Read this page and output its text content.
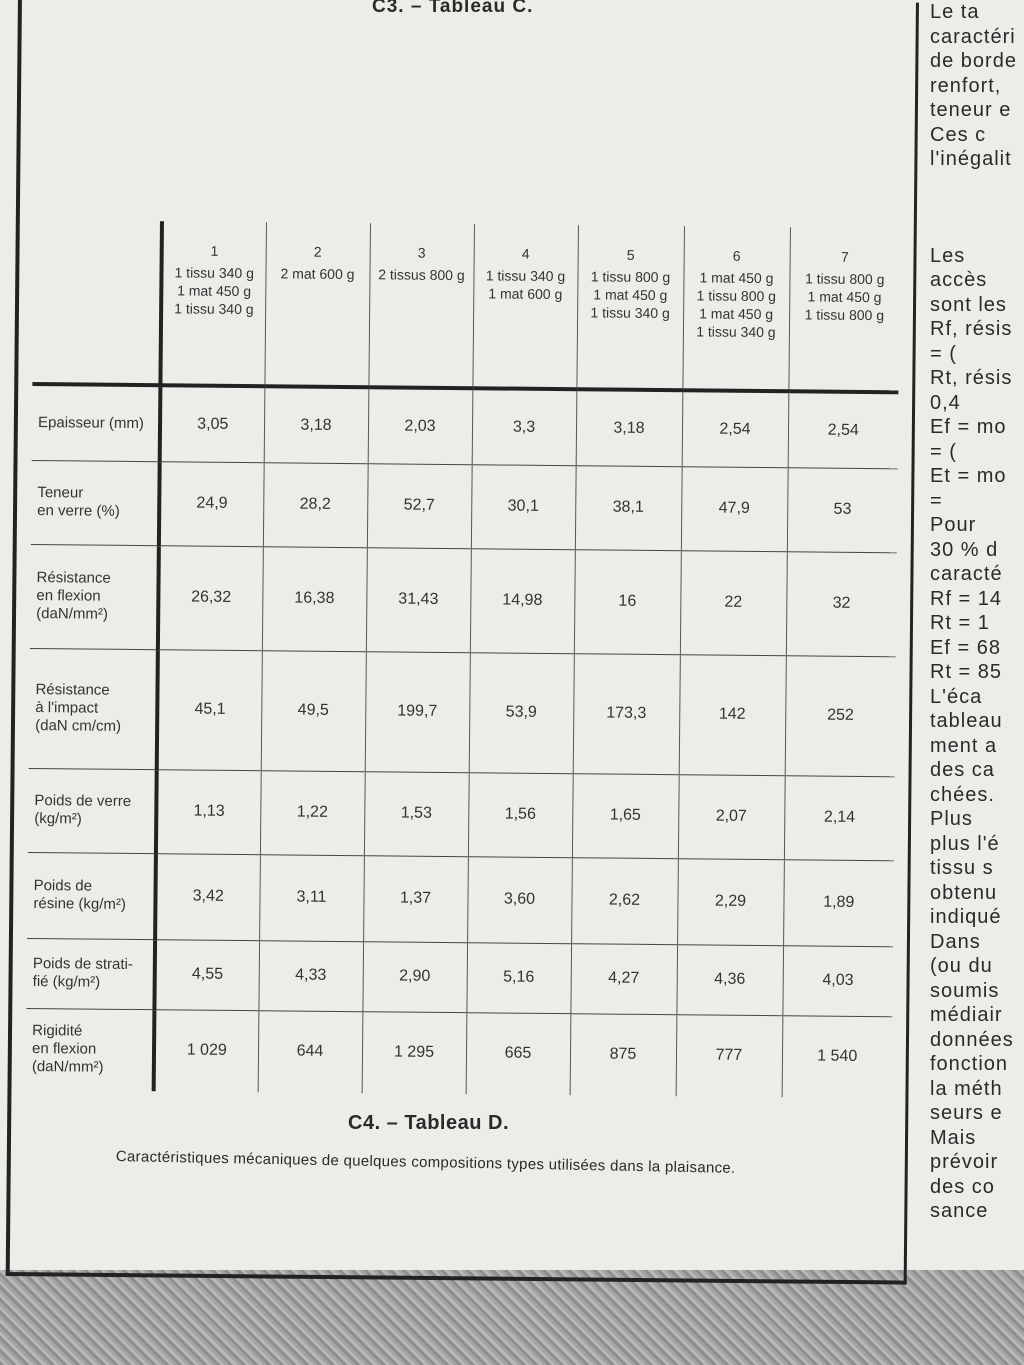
C3. – Tableau C.

	1
1 tissu 340 g
1 mat 450 g
1 tissu 340 g	2
2 mat 600 g	3
2 tissus 800 g	4
1 tissu 340 g
1 mat 600 g	5
1 tissu 800 g
1 mat 450 g
1 tissu 340 g	6
1 mat 450 g
1 tissu 800 g
1 mat 450 g
1 tissu 340 g	7
1 tissu 800 g
1 mat 450 g
1 tissu 800 g

Epaisseur (mm)	3,05	3,18	2,03	3,3	3,18	2,54	2,54

Teneur
en verre (%)	24,9	28,2	52,7	30,1	38,1	47,9	53

Résistance
en flexion
(daN/mm²)	26,32	16,38	31,43	14,98	16	22	32

Résistance
à l'impact
(daN cm/cm)	45,1	49,5	199,7	53,9	173,3	142	252

Poids de verre
(kg/m²)	1,13	1,22	1,53	1,56	1,65	2,07	2,14

Poids de
résine (kg/m²)	3,42	3,11	1,37	3,60	2,62	2,29	1,89

Poids de strati-
fié (kg/m²)	4,55	4,33	2,90	5,16	4,27	4,36	4,03

Rigidité
en flexion
(daN/mm²)	1 029	644	1 295	665	875	777	1 540
C4. – Tableau D.
Caractéristiques mécaniques de quelques compositions types utilisées dans la plaisance.
Le ta
caractéri
de borde
renfort,
teneur e
Ces c
l'inégalit
Les
accès
sont les
Rf, résis
= (
Rt, résis
0,4
Ef = mo
= (
Et = mo
=
Pour
30 % d
caracté
Rf = 14
Rt = 1
Ef = 68
Rt = 85
L'éca
tableau
ment a
des ca
chées.
Plus
plus l'é
tissu s
obtenu
indiqué
Dans
(ou du
soumis
médiair
données
fonction
la méth
seurs e
Mais
prévoir
des co
sance
